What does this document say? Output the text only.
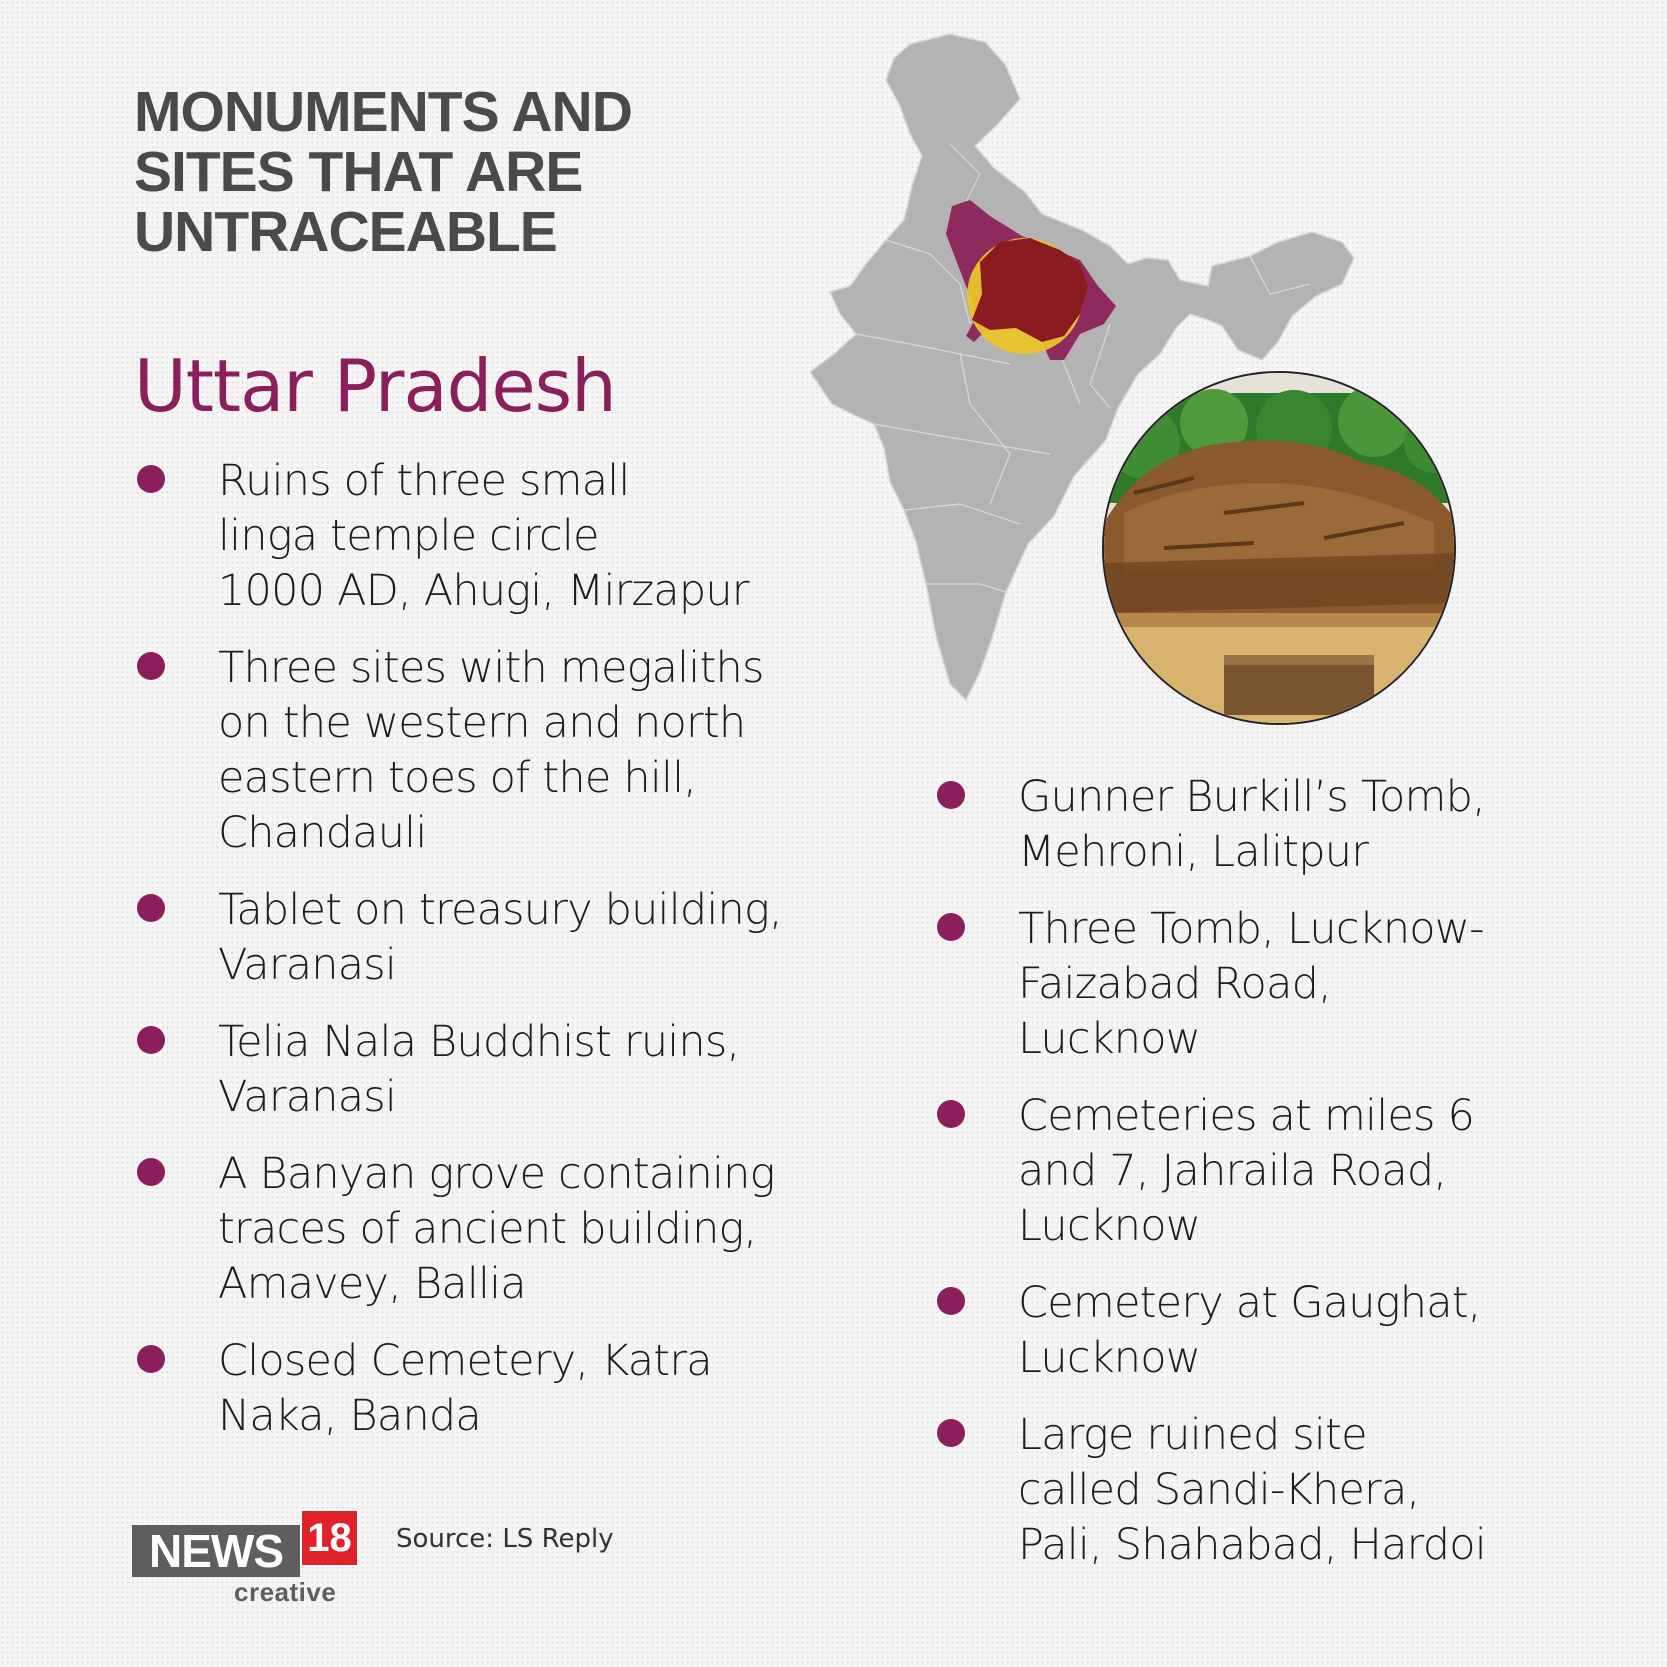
MONUMENTS AND
SITES THAT ARE
UNTRACEABLE
Uttar Pradesh
Ruins of three small
linga temple circle
1000 AD, Ahugi, Mirzapur
Three sites with megaliths
on the western and north
eastern toes of the hill,
Chandauli
Tablet on treasury building,
Varanasi
Telia Nala Buddhist ruins,
Varanasi
A Banyan grove containing
traces of ancient building,
Amavey, Ballia
Closed Cemetery, Katra
Naka, Banda
Gunner Burkill’s Tomb,
Mehroni, Lalitpur
Three Tomb, Lucknow-
Faizabad Road,
Lucknow
Cemeteries at miles 6
and 7, Jahraila Road,
Lucknow
Cemetery at Gaughat,
Lucknow
Large ruined site
called Sandi-Khera,
Pali, Shahabad, Hardoi
NEWS 18
creative
Source: LS Reply
